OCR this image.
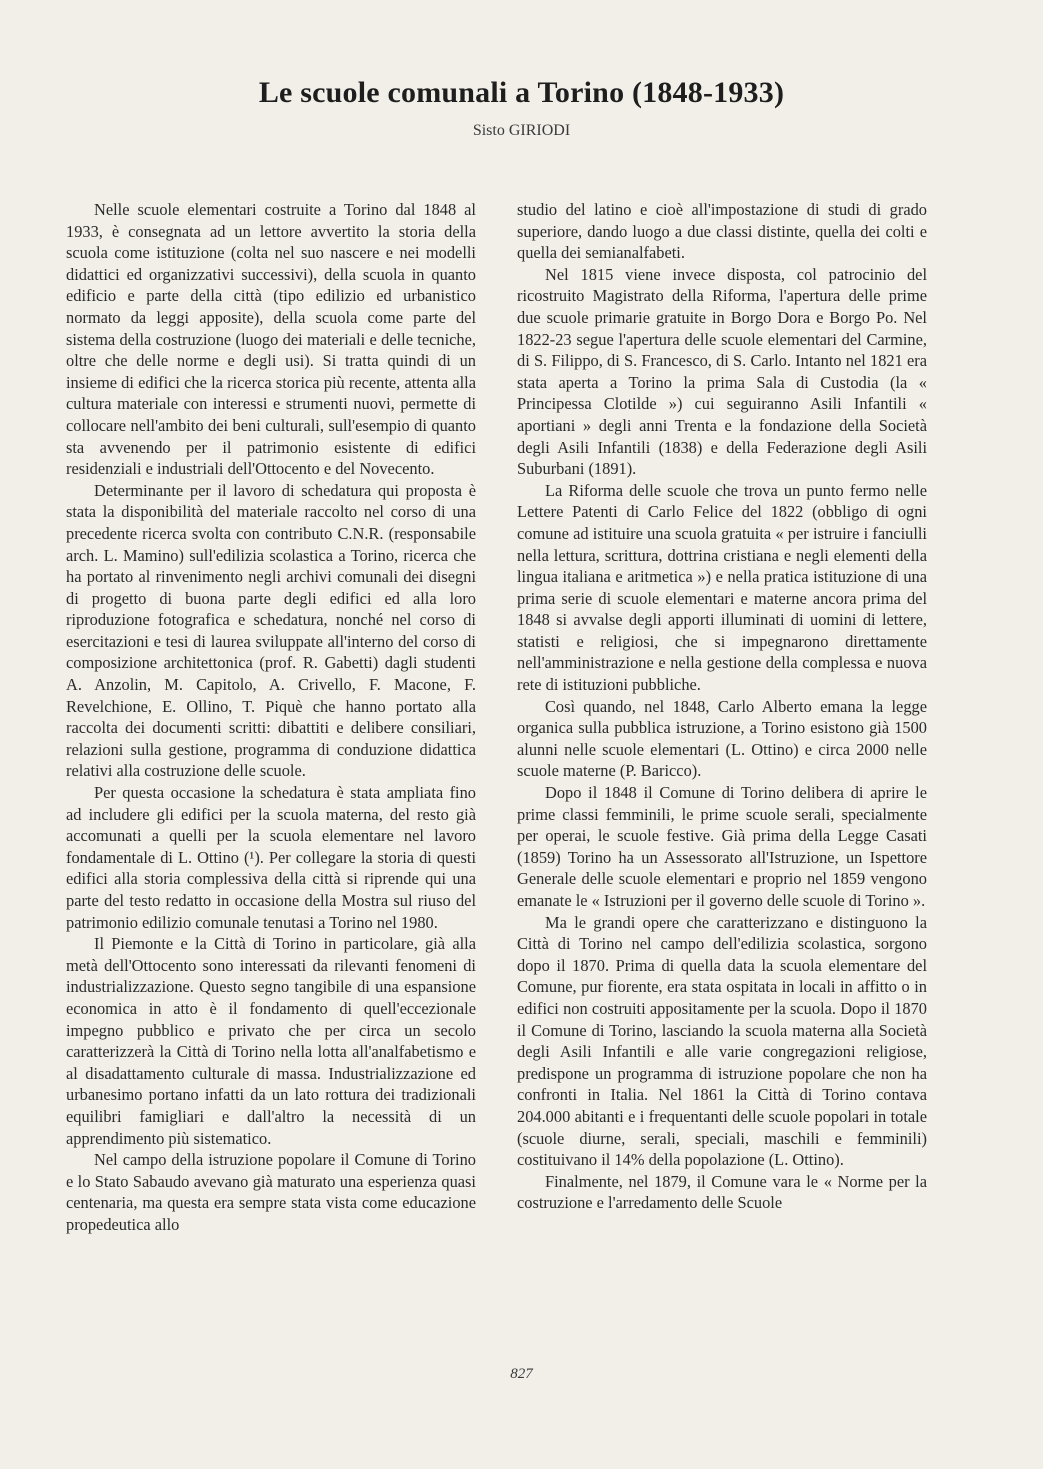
Le scuole comunali a Torino (1848-1933)
Sisto GIRIODI

Nelle scuole elementari costruite a Torino dal 1848 al 1933, è consegnata ad un lettore avvertito la storia della scuola come istituzione (colta nel suo nascere e nei modelli didattici ed organizzativi successivi), della scuola in quanto edificio e parte della città (tipo edilizio ed urbanistico normato da leggi apposite), della scuola come parte del sistema della costruzione (luogo dei materiali e delle tecniche, oltre che delle norme e degli usi). Si tratta quindi di un insieme di edifici che la ricerca storica più recente, attenta alla cultura materiale con interessi e strumenti nuovi, permette di collocare nell'ambito dei beni culturali, sull'esempio di quanto sta avvenendo per il patrimonio esistente di edifici residenziali e industriali dell'Ottocento e del Novecento.

Determinante per il lavoro di schedatura qui proposta è stata la disponibilità del materiale raccolto nel corso di una precedente ricerca svolta con contributo C.N.R. (responsabile arch. L. Mamino) sull'edilizia scolastica a Torino, ricerca che ha portato al rinvenimento negli archivi comunali dei disegni di progetto di buona parte degli edifici ed alla loro riproduzione fotografica e schedatura, nonché nel corso di esercitazioni e tesi di laurea sviluppate all'interno del corso di composizione architettonica (prof. R. Gabetti) dagli studenti A. Anzolin, M. Capitolo, A. Crivello, F. Macone, F. Revelchione, E. Ollino, T. Piquè che hanno portato alla raccolta dei documenti scritti: dibattiti e delibere consiliari, relazioni sulla gestione, programma di conduzione didattica relativi alla costruzione delle scuole.

Per questa occasione la schedatura è stata ampliata fino ad includere gli edifici per la scuola materna, del resto già accomunati a quelli per la scuola elementare nel lavoro fondamentale di L. Ottino (¹). Per collegare la storia di questi edifici alla storia complessiva della città si riprende qui una parte del testo redatto in occasione della Mostra sul riuso del patrimonio edilizio comunale tenutasi a Torino nel 1980.

Il Piemonte e la Città di Torino in particolare, già alla metà dell'Ottocento sono interessati da rilevanti fenomeni di industrializzazione. Questo segno tangibile di una espansione economica in atto è il fondamento di quell'eccezionale impegno pubblico e privato che per circa un secolo caratterizzerà la Città di Torino nella lotta all'analfabetismo e al disadattamento culturale di massa. Industrializzazione ed urbanesimo portano infatti da un lato rottura dei tradizionali equilibri famigliari e dall'altro la necessità di un apprendimento più sistematico.

Nel campo della istruzione popolare il Comune di Torino e lo Stato Sabaudo avevano già maturato una esperienza quasi centenaria, ma questa era sempre stata vista come educazione propedeutica allo

studio del latino e cioè all'impostazione di studi di grado superiore, dando luogo a due classi distinte, quella dei colti e quella dei semianalfabeti.

Nel 1815 viene invece disposta, col patrocinio del ricostruito Magistrato della Riforma, l'apertura delle prime due scuole primarie gratuite in Borgo Dora e Borgo Po. Nel 1822-23 segue l'apertura delle scuole elementari del Carmine, di S. Filippo, di S. Francesco, di S. Carlo. Intanto nel 1821 era stata aperta a Torino la prima Sala di Custodia (la « Principessa Clotilde ») cui seguiranno Asili Infantili « aportiani » degli anni Trenta e la fondazione della Società degli Asili Infantili (1838) e della Federazione degli Asili Suburbani (1891).

La Riforma delle scuole che trova un punto fermo nelle Lettere Patenti di Carlo Felice del 1822 (obbligo di ogni comune ad istituire una scuola gratuita « per istruire i fanciulli nella lettura, scrittura, dottrina cristiana e negli elementi della lingua italiana e aritmetica ») e nella pratica istituzione di una prima serie di scuole elementari e materne ancora prima del 1848 si avvalse degli apporti illuminati di uomini di lettere, statisti e religiosi, che si impegnarono direttamente nell'amministrazione e nella gestione della complessa e nuova rete di istituzioni pubbliche.

Così quando, nel 1848, Carlo Alberto emana la legge organica sulla pubblica istruzione, a Torino esistono già 1500 alunni nelle scuole elementari (L. Ottino) e circa 2000 nelle scuole materne (P. Baricco).

Dopo il 1848 il Comune di Torino delibera di aprire le prime classi femminili, le prime scuole serali, specialmente per operai, le scuole festive. Già prima della Legge Casati (1859) Torino ha un Assessorato all'Istruzione, un Ispettore Generale delle scuole elementari e proprio nel 1859 vengono emanate le « Istruzioni per il governo delle scuole di Torino ».

Ma le grandi opere che caratterizzano e distinguono la Città di Torino nel campo dell'edilizia scolastica, sorgono dopo il 1870. Prima di quella data la scuola elementare del Comune, pur fiorente, era stata ospitata in locali in affitto o in edifici non costruiti appositamente per la scuola. Dopo il 1870 il Comune di Torino, lasciando la scuola materna alla Società degli Asili Infantili e alle varie congregazioni religiose, predispone un programma di istruzione popolare che non ha confronti in Italia. Nel 1861 la Città di Torino contava 204.000 abitanti e i frequentanti delle scuole popolari in totale (scuole diurne, serali, speciali, maschili e femminili) costituivano il 14% della popolazione (L. Ottino).

Finalmente, nel 1879, il Comune vara le « Norme per la costruzione e l'arredamento delle Scuole

827
